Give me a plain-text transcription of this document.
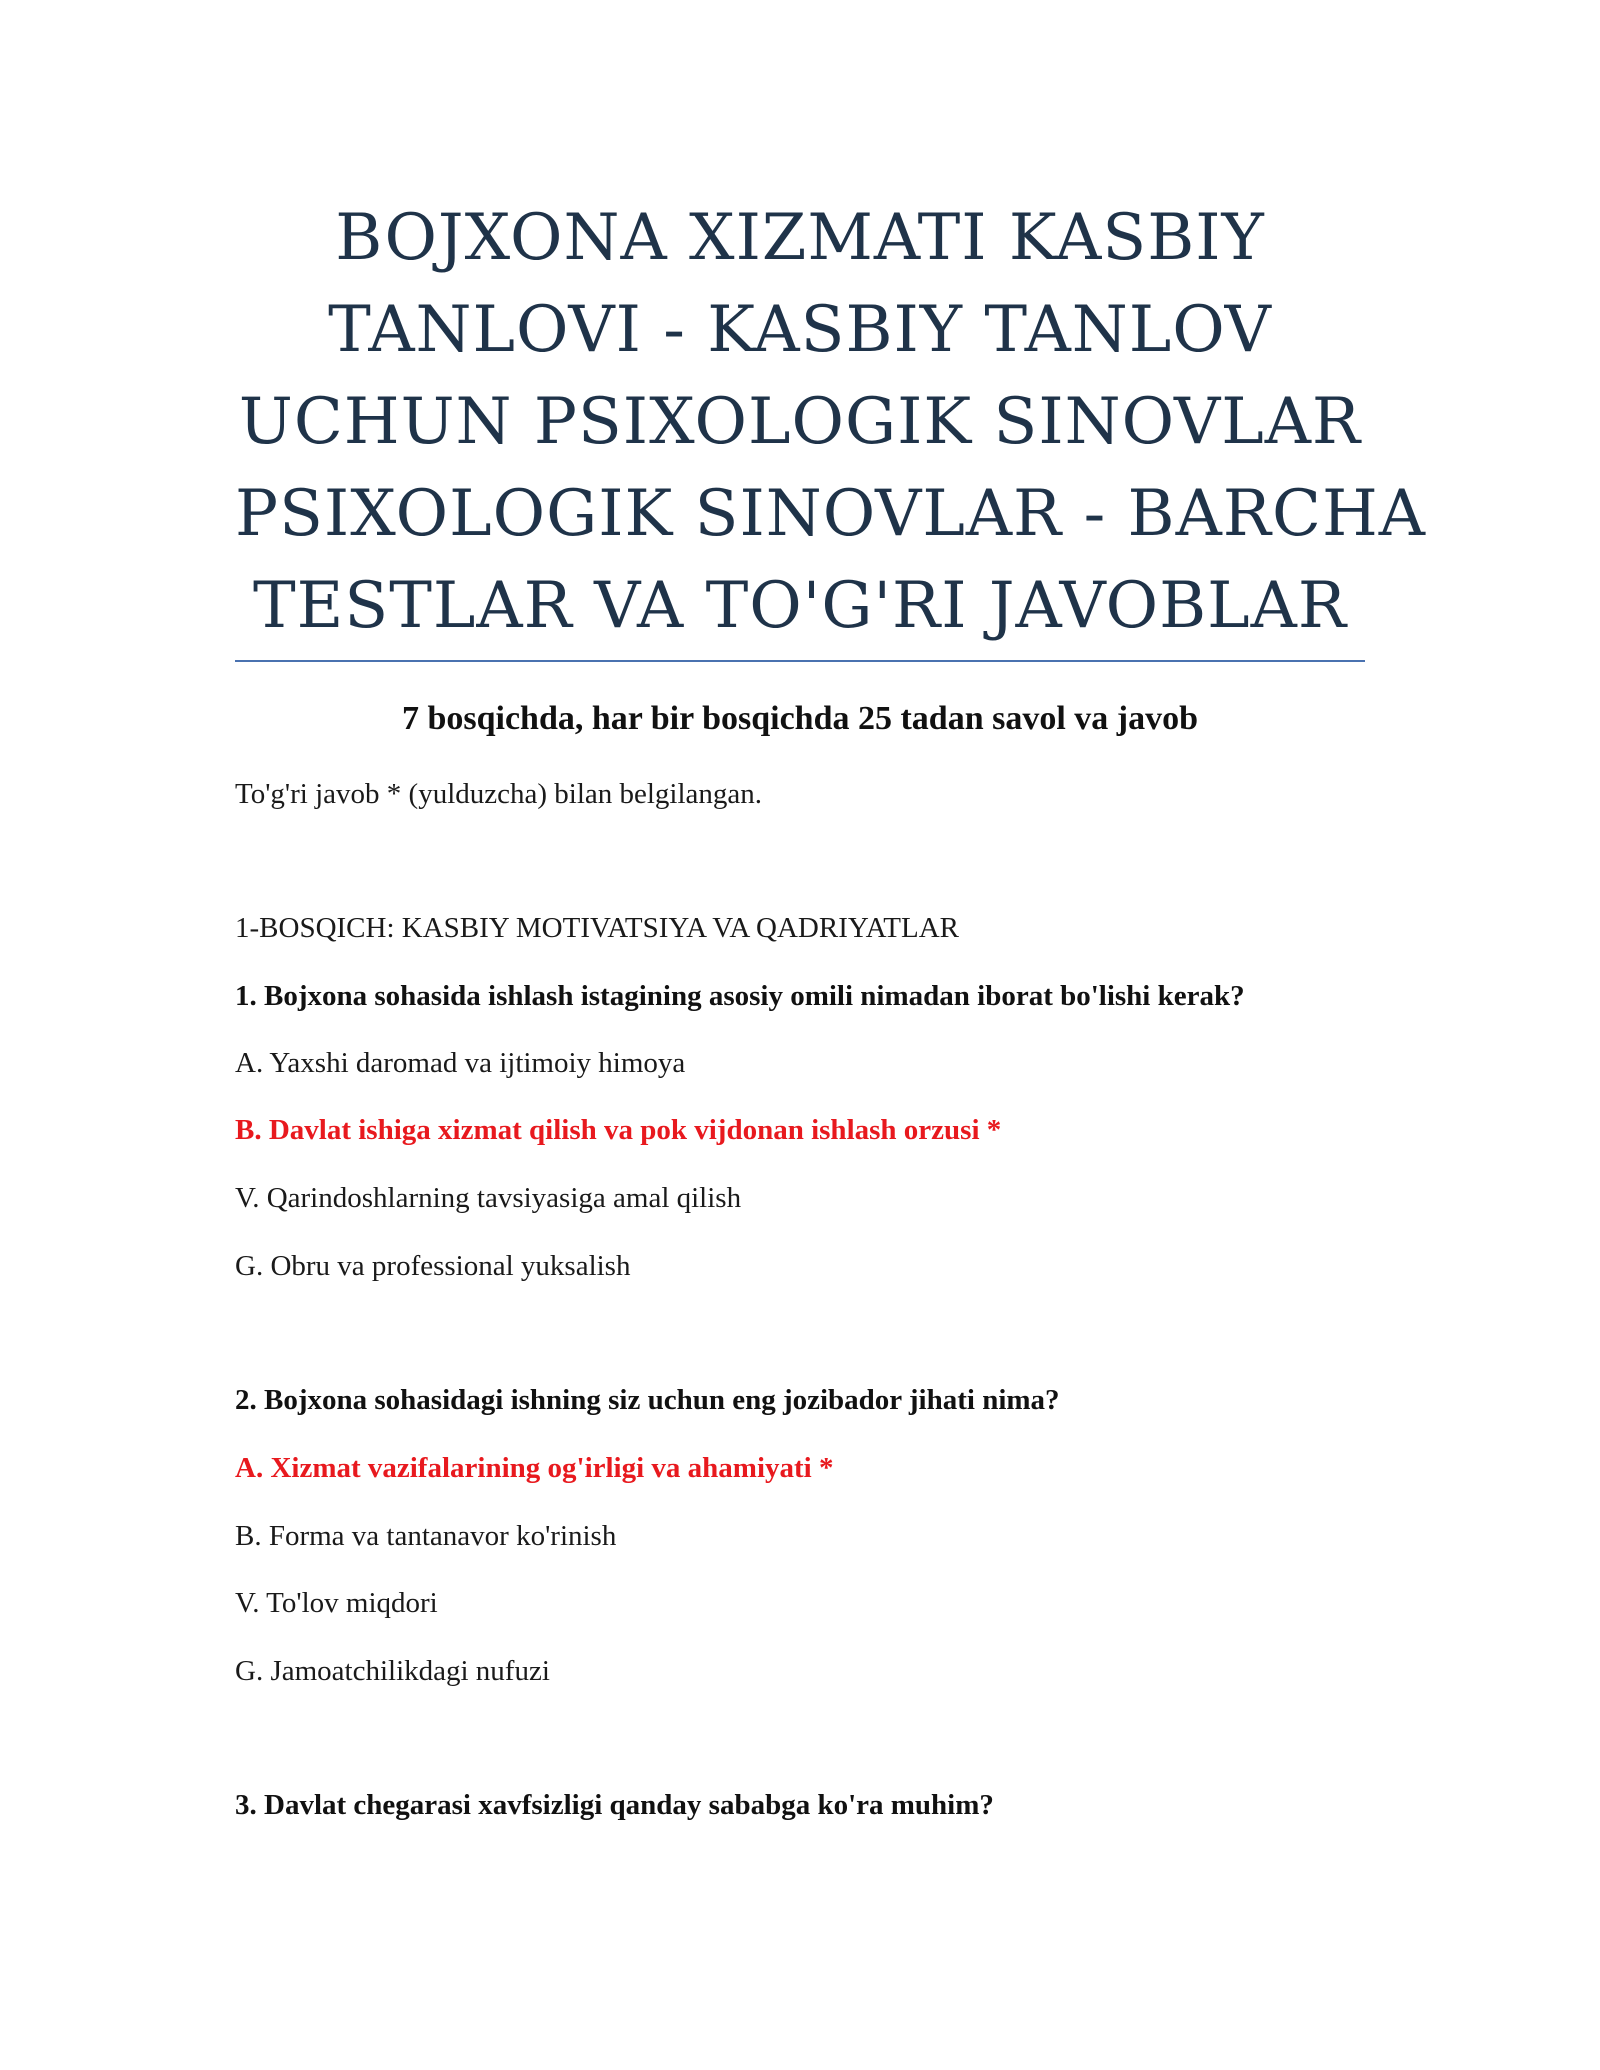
BOJXONA XIZMATI KASBIY
TANLOVI - KASBIY TANLOV
UCHUN PSIXOLOGIK SINOVLAR
PSIXOLOGIK SINOVLAR - BARCHA
TESTLAR VA TO'G'RI JAVOBLAR
7 bosqichda, har bir bosqichda 25 tadan savol va javob
To'g'ri javob * (yulduzcha) bilan belgilangan.
1-BOSQICH: KASBIY MOTIVATSIYA VA QADRIYATLAR
1. Bojxona sohasida ishlash istagining asosiy omili nimadan iborat bo'lishi kerak?
A. Yaxshi daromad va ijtimoiy himoya
B. Davlat ishiga xizmat qilish va pok vijdonan ishlash orzusi *
V. Qarindoshlarning tavsiyasiga amal qilish
G. Obru va professional yuksalish
2. Bojxona sohasidagi ishning siz uchun eng jozibador jihati nima?
A. Xizmat vazifalarining og'irligi va ahamiyati *
B. Forma va tantanavor ko'rinish
V. To'lov miqdori
G. Jamoatchilikdagi nufuzi
3. Davlat chegarasi xavfsizligi qanday sababga ko'ra muhim?
